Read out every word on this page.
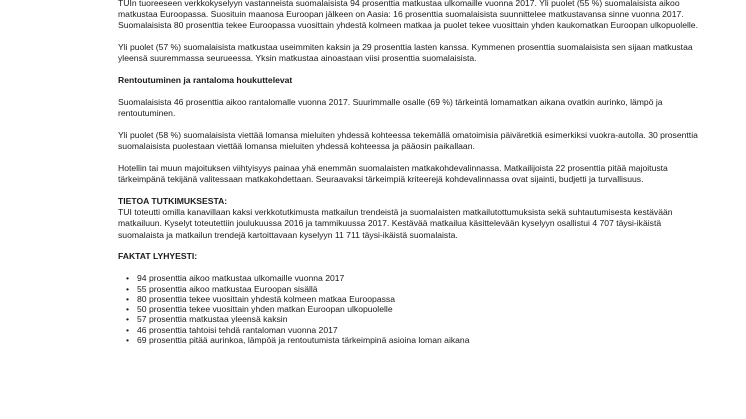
TUIn tuoreeseen verkkokyselyyn vastanneista suomalaisista 94 prosenttia matkustaa ulkomaille vuonna 2017. Yli puolet (55 %) suomalaisista aikoo matkustaa Euroopassa. Suosituin maanosa Euroopan jälkeen on Aasia: 16 prosenttia suomalaisista suunnittelee matkustavansa sinne vuonna 2017. Suomalaisista 80 prosenttia tekee Euroopassa vuosittain yhdestä kolmeen matkaa ja puolet tekee vuosittain yhden kaukomatkan Euroopan ulkopuolelle.

Yli puolet (57 %) suomalaisista matkustaa useimmiten kaksin ja 29 prosenttia lasten kanssa. Kymmenen prosenttia suomalaisista sen sijaan matkustaa yleensä suuremmassa seurueessa. Yksin matkustaa ainoastaan viisi prosenttia suomalaisista.

Rentoutuminen ja rantaloma houkuttelevat

Suomalaisista 46 prosenttia aikoo rantalomalle vuonna 2017. Suurimmalle osalle (69 %) tärkeintä lomamatkan aikana ovatkin aurinko, lämpö ja rentoutuminen.

Yli puolet (58 %) suomalaisista viettää lomansa mieluiten yhdessä kohteessa tekemällä omatoimisia päiväretkiä esimerkiksi vuokra-autolla. 30 prosenttia suomalaisista puolestaan viettää lomansa mieluiten yhdessä kohteessa ja pääosin paikallaan.

Hotellin tai muun majoituksen viihtyisyys painaa yhä enemmän suomalaisten matkakohdevalinnassa. Matkailijoista 22 prosenttia pitää majoitusta tärkeimpänä tekijänä valitessaan matkakohdettaan. Seuraavaksi tärkeimpiä kriteerejä kohdevalinnassa ovat sijainti, budjetti ja turvallisuus.

TIETOA TUTKIMUKSESTA:
TUI toteutti omilla kanavillaan kaksi verkkotutkimusta matkailun trendeistä ja suomalaisten matkailutottumuksista sekä suhtautumisesta kestävään matkailuun. Kyselyt toteutettiin joulukuussa 2016 ja tammikuussa 2017. Kestävää matkailua käsittelevään kyselyyn osallistui 4 707 täysi-ikäistä suomalaista ja matkailun trendejä kartoittavaan kyselyyn 11 711 täysi-ikäistä suomalaista.

FAKTAT LYHYESTI:
• 94 prosenttia aikoo matkustaa ulkomaille vuonna 2017
• 55 prosenttia aikoo matkustaa Euroopan sisällä
• 80 prosenttia tekee vuosittain yhdestä kolmeen matkaa Euroopassa
• 50 prosenttia tekee vuosittain yhden matkan Euroopan ulkopuolelle
• 57 prosenttia matkustaa yleensä kaksin
• 46 prosenttia tahtoisi tehdä rantaloman vuonna 2017
• 69 prosenttia pitää aurinkoa, lämpöä ja rentoutumista tärkeimpinä asioina loman aikana
